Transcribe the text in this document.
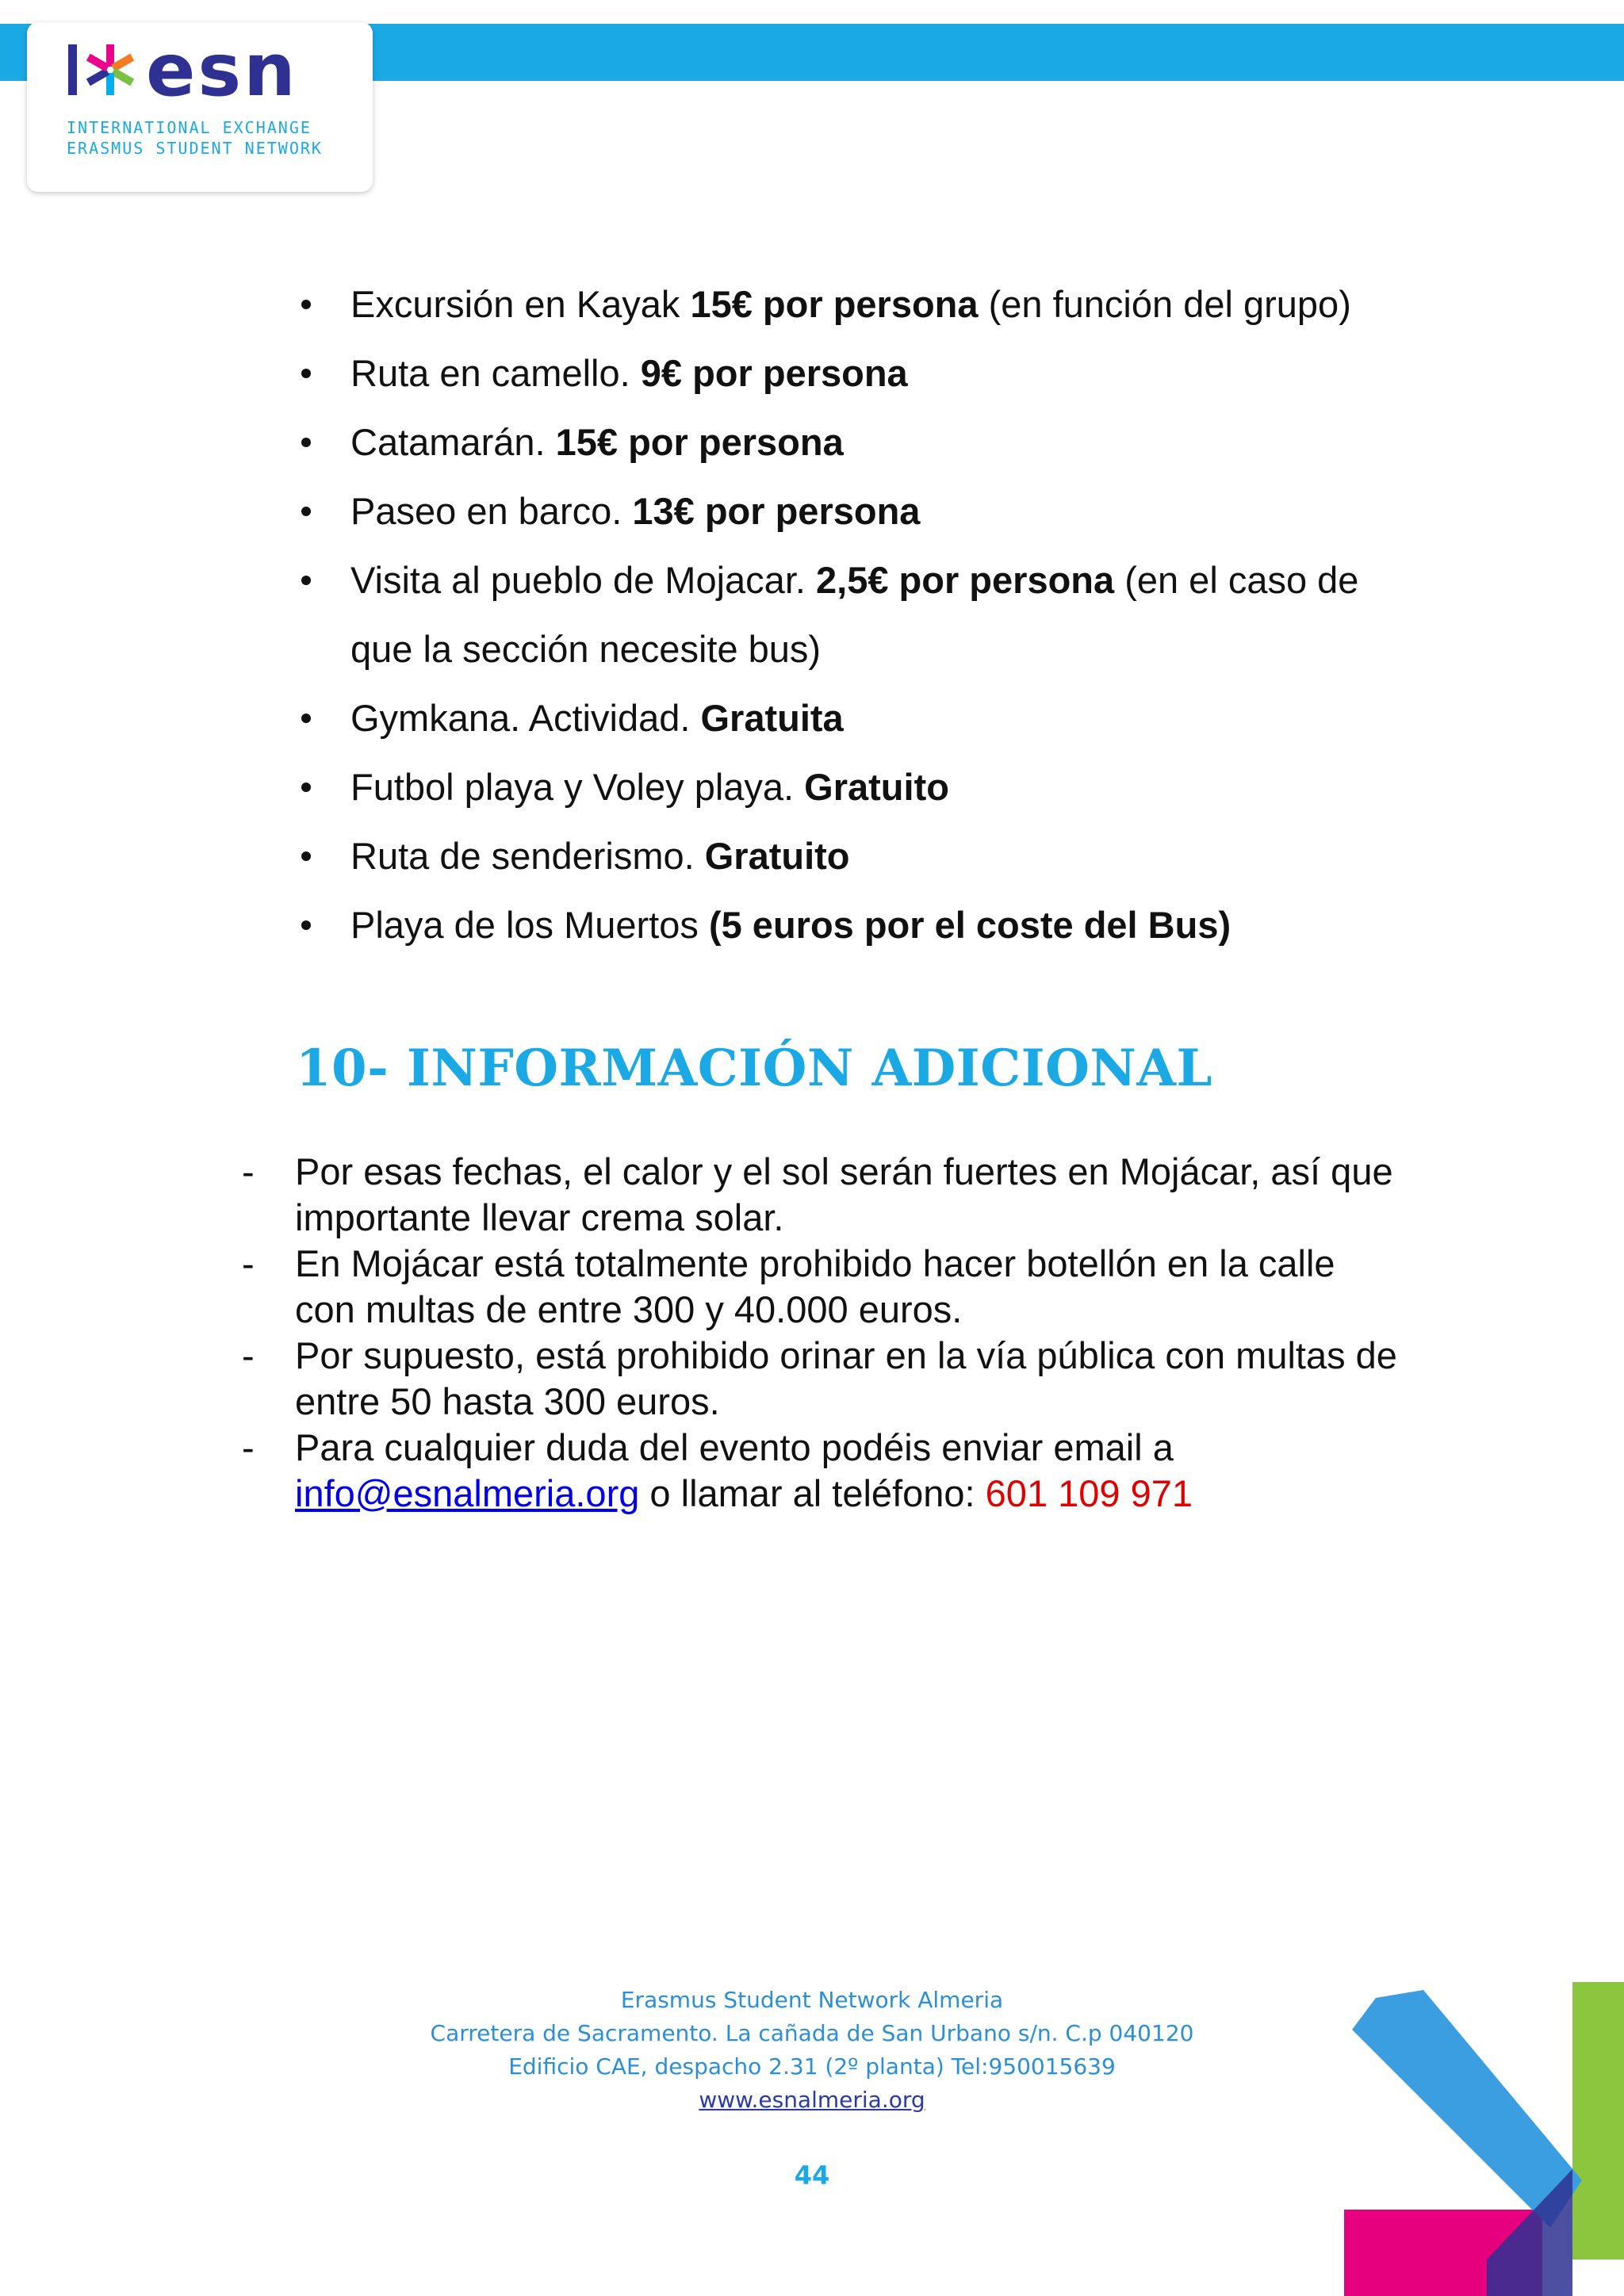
esn
INTERNATIONAL EXCHANGE
ERASMUS STUDENT NETWORK
Excursión en Kayak 15€ por persona (en función del grupo)
Ruta en camello. 9€ por persona
Catamarán. 15€ por persona
Paseo en barco. 13€ por persona
Visita al pueblo de Mojacar. 2,5€ por persona (en el caso de
que la sección necesite bus)
Gymkana. Actividad. Gratuita
Futbol playa y Voley playa. Gratuito
Ruta de senderismo. Gratuito
Playa de los Muertos (5 euros por el coste del Bus)
10- INFORMACIÓN ADICIONAL
- Por esas fechas, el calor y el sol serán fuertes en Mojácar, así que

importante llevar crema solar.

- En Mojácar está totalmente prohibido hacer botellón en la calle

con multas de entre 300 y 40.000 euros.

- Por supuesto, está prohibido orinar en la vía pública con multas de

entre 50 hasta 300 euros.

- Para cualquier duda del evento podéis enviar email a

info@esnalmeria.org o llamar al teléfono: 601 109 971

Erasmus Student Network Almeria

Carretera de Sacramento. La cañada de San Urbano s/n. C.p 040120

Edificio CAE, despacho 2.31 (2º planta) Tel:950015639

www.esnalmeria.org

44
